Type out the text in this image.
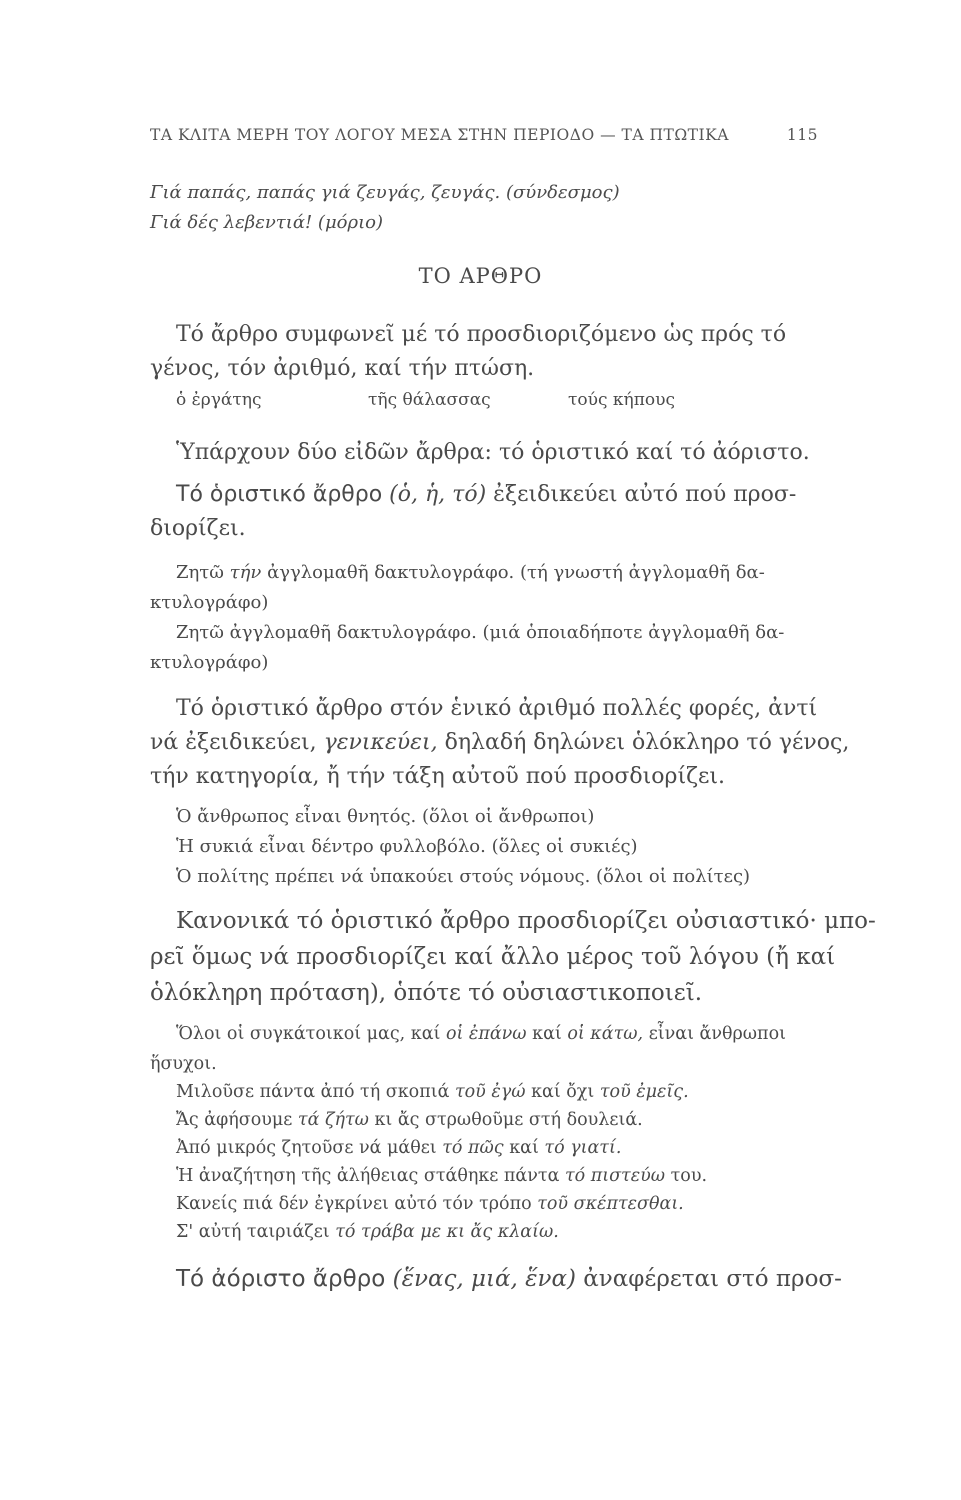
ΤΑ ΚΛΙΤΑ ΜΕΡΗ ΤΟΥ ΛΟΓΟΥ ΜΕΣΑ ΣΤΗΝ ΠΕΡΙΟΔΟ — ΤΑ ΠΤΩΤΙΚΑ	115
Γιά παπάς, παπάς γιά ζευγάς, ζευγάς. (σύνδεσμος)
Γιά δές λεβεντιά! (μόριο)
ΤΟ ΑΡΘΡΟ
Τό ἄρθρο συμφωνεῖ μέ τό προσδιοριζόμενο ὡς πρός τό
γένος, τόν ἀριθμό, καί τήν πτώση.
ὁ ἐργάτης	τῆς θάλασσας	τούς κήπους
Ὑπάρχουν δύο εἰδῶν ἄρθρα: τό ὁριστικό καί τό ἀόριστο.
Τό ὁριστικό ἄρθρο (ὁ, ἡ, τό) ἐξειδικεύει αὐτό πού προσ-
διορίζει.
Ζητῶ τήν ἀγγλομαθῆ δακτυλογράφο. (τή γνωστή ἀγγλομαθῆ δα-
κτυλογράφο)
Ζητῶ ἀγγλομαθῆ δακτυλογράφο. (μιά ὁποιαδήποτε ἀγγλομαθῆ δα-
κτυλογράφο)
Τό ὁριστικό ἄρθρο στόν ἑνικό ἀριθμό πολλές φορές, ἀντί
νά ἐξειδικεύει, γενικεύει, δηλαδή δηλώνει ὁλόκληρο τό γένος,
τήν κατηγορία, ἤ τήν τάξη αὐτοῦ πού προσδιορίζει.
Ὁ ἄνθρωπος εἶναι θνητός. (ὅλοι οἱ ἄνθρωποι)
Ἡ συκιά εἶναι δέντρο φυλλοβόλο. (ὅλες οἱ συκιές)
Ὁ πολίτης πρέπει νά ὑπακούει στούς νόμους. (ὅλοι οἱ πολίτες)
Κανονικά τό ὁριστικό ἄρθρο προσδιορίζει οὐσιαστικό· μπο-
ρεῖ ὅμως νά προσδιορίζει καί ἄλλο μέρος τοῦ λόγου (ἤ καί
ὁλόκληρη πρόταση), ὁπότε τό οὐσιαστικοποιεῖ.
Ὅλοι οἱ συγκάτοικοί μας, καί οἱ ἐπάνω καί οἱ κάτω, εἶναι ἄνθρωποι
ἥσυχοι.
Μιλοῦσε πάντα ἀπό τή σκοπιά τοῦ ἐγώ καί ὄχι τοῦ ἐμεῖς.
Ἄς ἀφήσουμε τά ζήτω κι ἄς στρωθοῦμε στή δουλειά.
Ἀπό μικρός ζητοῦσε νά μάθει τό πῶς καί τό γιατί.
Ἡ ἀναζήτηση τῆς ἀλήθειας στάθηκε πάντα τό πιστεύω του.
Κανείς πιά δέν ἐγκρίνει αὐτό τόν τρόπο τοῦ σκέπτεσθαι.
Σ' αὐτή ταιριάζει τό τράβα με κι ἄς κλαίω.
Τό ἀόριστο ἄρθρο (ἕνας, μιά, ἕνα) ἀναφέρεται στό προσ-
